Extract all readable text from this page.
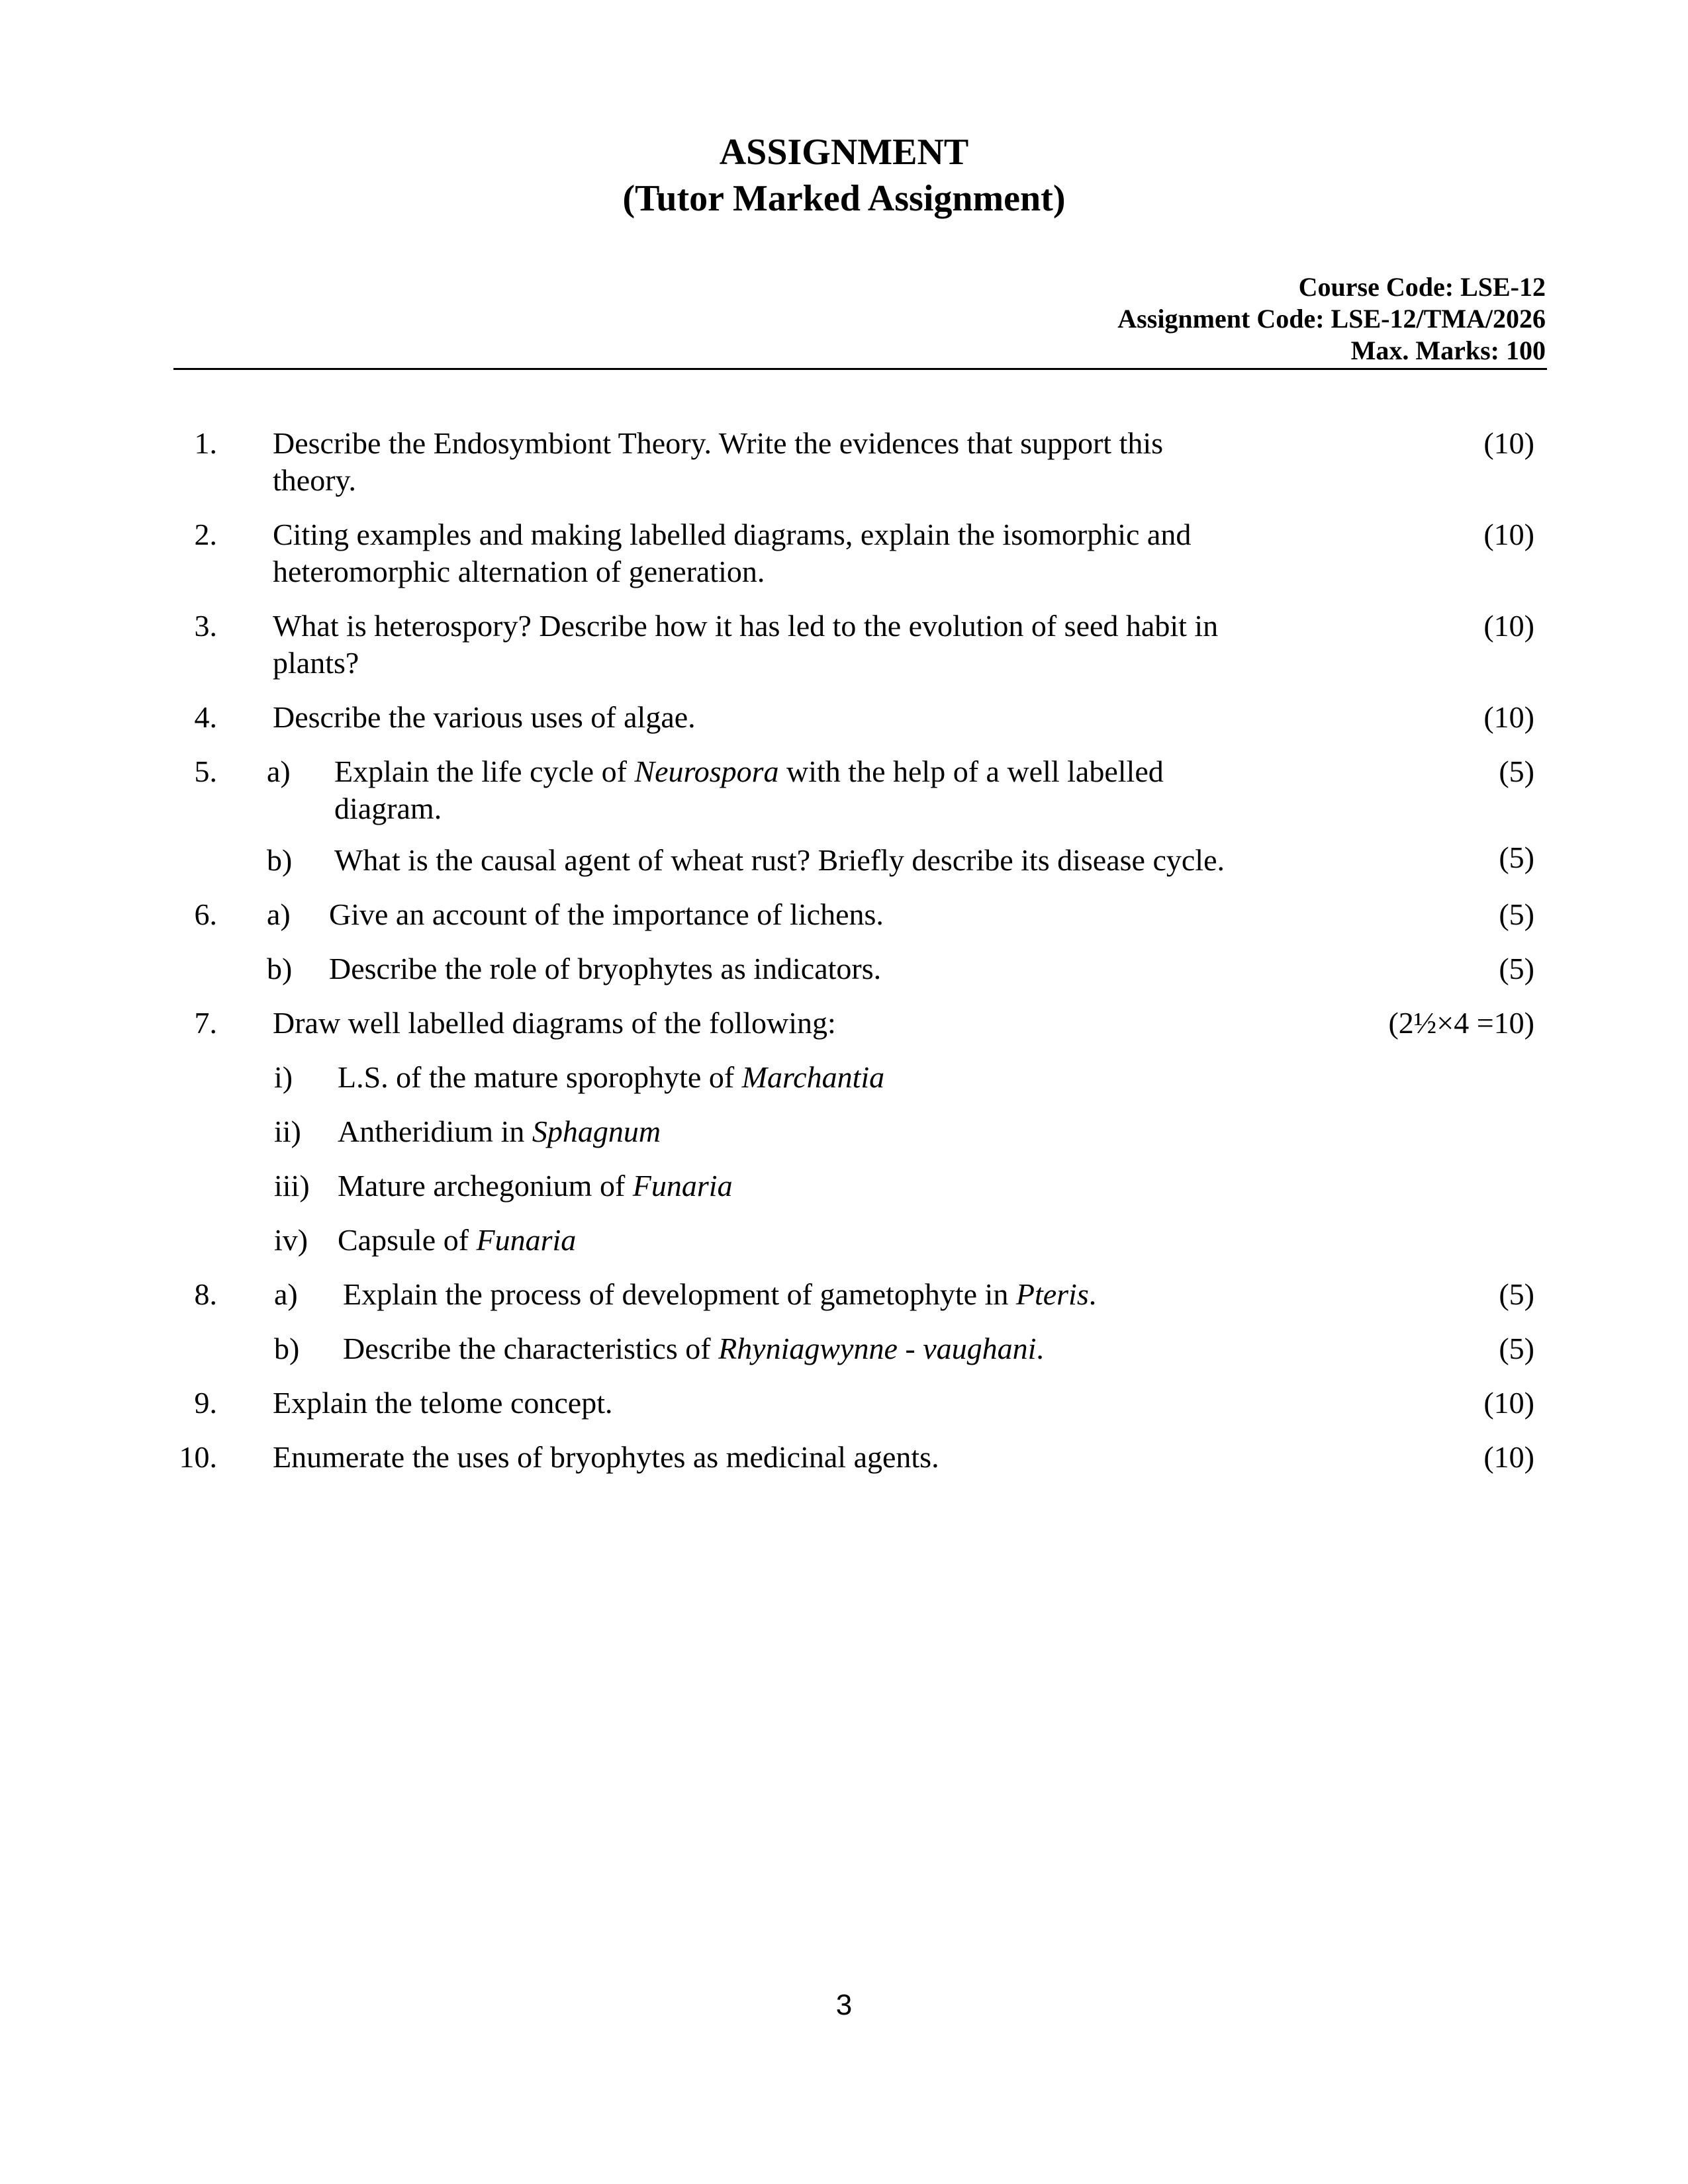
ASSIGNMENT
(Tutor Marked Assignment)
Course Code: LSE-12
Assignment Code: LSE-12/TMA/2026
Max. Marks: 100
1. Describe the Endosymbiont Theory. Write the evidences that support this
theory.
(10)
2. Citing examples and making labelled diagrams, explain the isomorphic and
heteromorphic alternation of generation.
(10)
3. What is heterospory? Describe how it has led to the evolution of seed habit in
plants?
(10)
4. Describe the various uses of algae.	(10)
5. a) Explain the life cycle of Neurospora with the help of a well labelled
diagram.
(5)
b) What is the causal agent of wheat rust? Briefly describe its disease cycle.	(5)
6. a) Give an account of the importance of lichens.	(5)
b) Describe the role of bryophytes as indicators.	(5)
7. Draw well labelled diagrams of the following:	(2½×4 =10)
i) L.S. of the mature sporophyte of Marchantia
ii) Antheridium in Sphagnum
iii) Mature archegonium of Funaria
iv) Capsule of Funaria
8. a) Explain the process of development of gametophyte in Pteris.	(5)
b) Describe the characteristics of Rhyniagwynne - vaughani.	(5)
9. Explain the telome concept.	(10)
10. Enumerate the uses of bryophytes as medicinal agents.	(10)
3
